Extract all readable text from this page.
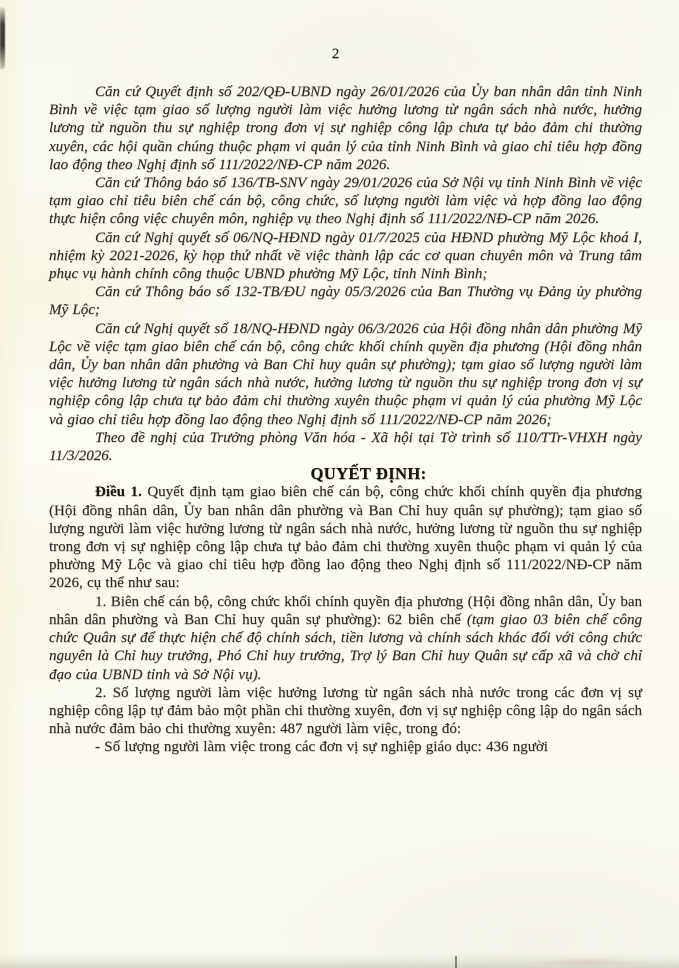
2

Căn cứ Quyết định số 202/QĐ-UBND ngày 26/01/2026 của Ủy ban nhân dân tỉnh Ninh Bình về việc tạm giao số lượng người làm việc hưởng lương từ ngân sách nhà nước, hưởng lương từ nguồn thu sự nghiệp trong đơn vị sự nghiệp công lập chưa tự bảo đảm chi thường xuyên, các hội quần chúng thuộc phạm vi quản lý của tỉnh Ninh Bình và giao chỉ tiêu hợp đồng lao động theo Nghị định số 111/2022/NĐ-CP năm 2026.

Căn cứ Thông báo số 136/TB-SNV ngày 29/01/2026 của Sở Nội vụ tỉnh Ninh Bình về việc tạm giao chỉ tiêu biên chế cán bộ, công chức, số lượng người làm việc và hợp đồng lao động thực hiện công việc chuyên môn, nghiệp vụ theo Nghị định số 111/2022/NĐ-CP năm 2026.

Căn cứ Nghị quyết số 06/NQ-HĐND ngày 01/7/2025 của HĐND phường Mỹ Lộc khoá I, nhiệm kỳ 2021-2026, kỳ họp thứ nhất về việc thành lập các cơ quan chuyên môn và Trung tâm phục vụ hành chính công thuộc UBND phường Mỹ Lộc, tỉnh Ninh Bình;

Căn cứ Thông báo số 132-TB/ĐU ngày 05/3/2026 của Ban Thường vụ Đảng ủy phường Mỹ Lộc;

Căn cứ Nghị quyết số 18/NQ-HĐND ngày 06/3/2026 của Hội đồng nhân dân phường Mỹ Lộc về việc tạm giao biên chế cán bộ, công chức khối chính quyền địa phương (Hội đồng nhân dân, Ủy ban nhân dân phường và Ban Chỉ huy quân sự phường); tạm giao số lượng người làm việc hưởng lương từ ngân sách nhà nước, hưởng lương từ nguồn thu sự nghiệp trong đơn vị sự nghiệp công lập chưa tự bảo đảm chi thường xuyên thuộc phạm vi quản lý của phường Mỹ Lộc và giao chỉ tiêu hợp đồng lao động theo Nghị định số 111/2022/NĐ-CP năm 2026;

Theo đề nghị của Trưởng phòng Văn hóa - Xã hội tại Tờ trình số 110/TTr-VHXH ngày 11/3/2026.

QUYẾT ĐỊNH:

Điều 1. Quyết định tạm giao biên chế cán bộ, công chức khối chính quyền địa phương (Hội đồng nhân dân, Ủy ban nhân dân phường và Ban Chỉ huy quân sự phường); tạm giao số lượng người làm việc hưởng lương từ ngân sách nhà nước, hưởng lương từ nguồn thu sự nghiệp trong đơn vị sự nghiệp công lập chưa tự bảo đảm chi thường xuyên thuộc phạm vi quản lý của phường Mỹ Lộc và giao chỉ tiêu hợp đồng lao động theo Nghị định số 111/2022/NĐ-CP năm 2026, cụ thể như sau:

1. Biên chế cán bộ, công chức khối chính quyền địa phương (Hội đồng nhân dân, Ủy ban nhân dân phường và Ban Chỉ huy quân sự phường): 62 biên chế (tạm giao 03 biên chế công chức Quân sự để thực hiện chế độ chính sách, tiền lương và chính sách khác đối với công chức nguyên là Chỉ huy trưởng, Phó Chỉ huy trưởng, Trợ lý Ban Chỉ huy Quân sự cấp xã và chờ chỉ đạo của UBND tỉnh và Sở Nội vụ).

2. Số lượng người làm việc hưởng lương từ ngân sách nhà nước trong các đơn vị sự nghiệp công lập tự đảm bảo một phần chi thường xuyên, đơn vị sự nghiệp công lập do ngân sách nhà nước đảm bảo chi thường xuyên: 487 người làm việc, trong đó:

- Số lượng người làm việc trong các đơn vị sự nghiệp giáo dục: 436 người
